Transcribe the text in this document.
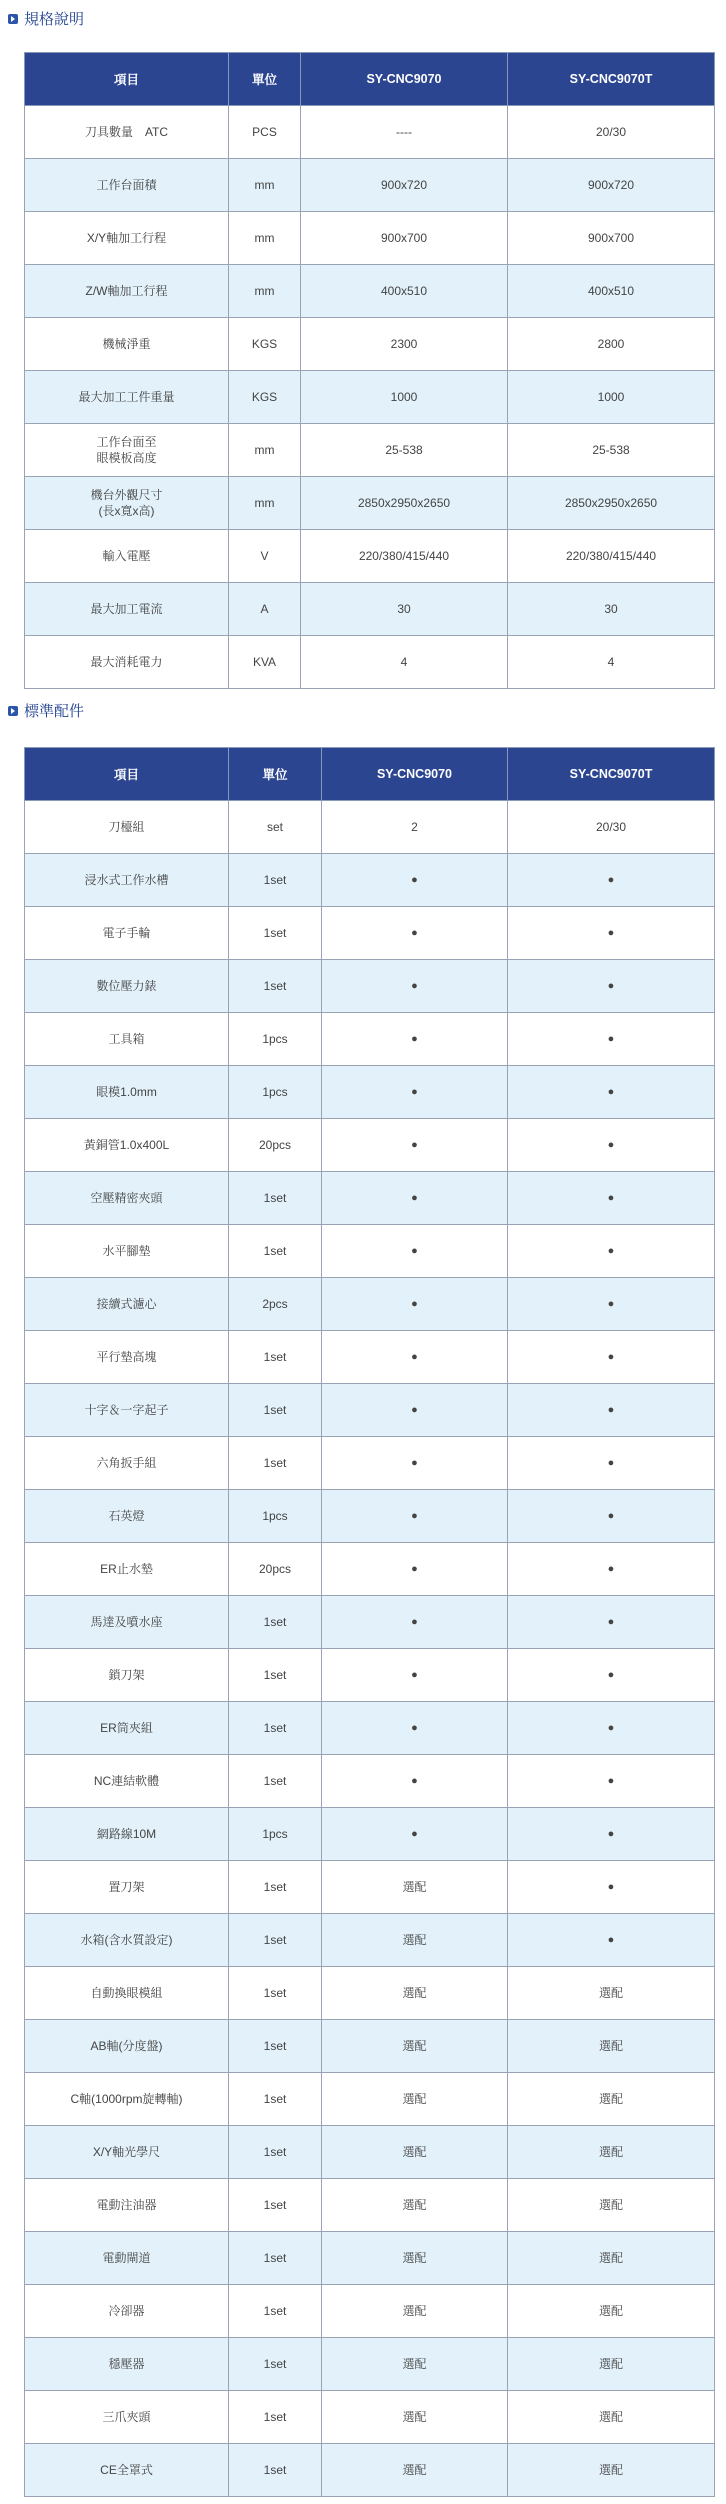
規格說明
項目	單位	SY-CNC9070	SY-CNC9070T
刀具數量　ATC	PCS	----	20/30
工作台面積	mm	900x720	900x720
X/Y軸加工行程	mm	900x700	900x700
Z/W軸加工行程	mm	400x510	400x510
機械淨重	KGS	2300	2800
最大加工工件重量	KGS	1000	1000
工作台面至
眼模板高度	mm	25-538	25-538
機台外觀尺寸
(長x寬x高)	mm	2850x2950x2650	2850x2950x2650
輸入電壓	V	220/380/415/440	220/380/415/440
最大加工電流	A	30	30
最大消耗電力	KVA	4	4
標準配件
項目	單位	SY-CNC9070	SY-CNC9070T
刀檯組	set	2	20/30
浸水式工作水槽	1set	●	●
電子手輪	1set	●	●
數位壓力錶	1set	●	●
工具箱	1pcs	●	●
眼模1.0mm	1pcs	●	●
黃銅管1.0x400L	20pcs	●	●
空壓精密夾頭	1set	●	●
水平腳墊	1set	●	●
接續式濾心	2pcs	●	●
平行墊高塊	1set	●	●
十字＆一字起子	1set	●	●
六角扳手組	1set	●	●
石英燈	1pcs	●	●
ER止水墊	20pcs	●	●
馬達及噴水座	1set	●	●
鎖刀架	1set	●	●
ER筒夾組	1set	●	●
NC連結軟體	1set	●	●
網路線10M	1pcs	●	●
置刀架	1set	選配	●
水箱(含水質設定)	1set	選配	●
自動換眼模組	1set	選配	選配
AB軸(分度盤)	1set	選配	選配
C軸(1000rpm旋轉軸)	1set	選配	選配
X/Y軸光學尺	1set	選配	選配
電動注油器	1set	選配	選配
電動閘道	1set	選配	選配
冷卻器	1set	選配	選配
穩壓器	1set	選配	選配
三爪夾頭	1set	選配	選配
CE全罩式	1set	選配	選配
